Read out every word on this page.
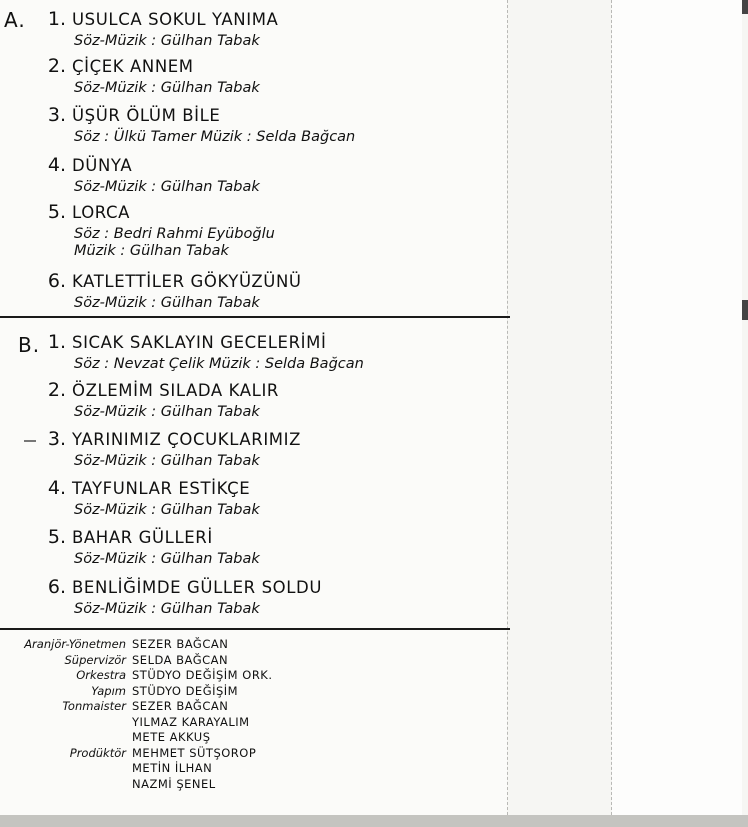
A.	1. USULCA SOKUL YANIMA
Söz-Müzik : Gülhan Tabak
2. ÇİÇEK ANNEM
Söz-Müzik : Gülhan Tabak
3. ÜŞÜR ÖLÜM BİLE
Söz : Ülkü Tamer Müzik : Selda Bağcan
4. DÜNYA
Söz-Müzik : Gülhan Tabak
5. LORCA
Söz : Bedri Rahmi Eyüboğlu
Müzik : Gülhan Tabak
6. KATLETTİLER GÖKYÜZÜNÜ
Söz-Müzik : Gülhan Tabak
B. 1. SICAK SAKLAYIN GECELERİMİ
Söz : Nevzat Çelik Müzik : Selda Bağcan
2. ÖZLEMİM SILADA KALIR
Söz-Müzik : Gülhan Tabak
3. YARINIMIZ ÇOCUKLARIMIZ
Söz-Müzik : Gülhan Tabak
4. TAYFUNLAR ESTİKÇE
Söz-Müzik : Gülhan Tabak
5. BAHAR GÜLLERİ
Söz-Müzik : Gülhan Tabak
6. BENLİĞİMDE GÜLLER SOLDU
Söz-Müzik : Gülhan Tabak
Aranjör-Yönetmen SEZER BAĞCAN
Süpervizör SELDA BAĞCAN
Orkestra STÜDYO DEĞİŞİM ORK.
Yapım STÜDYO DEĞİŞİM
Tonmaister SEZER BAĞCAN
YILMAZ KARAYALIM
METE AKKUŞ
Prodüktör MEHMET SÜTŞOROP
METİN İLHAN
NAZMİ ŞENEL
